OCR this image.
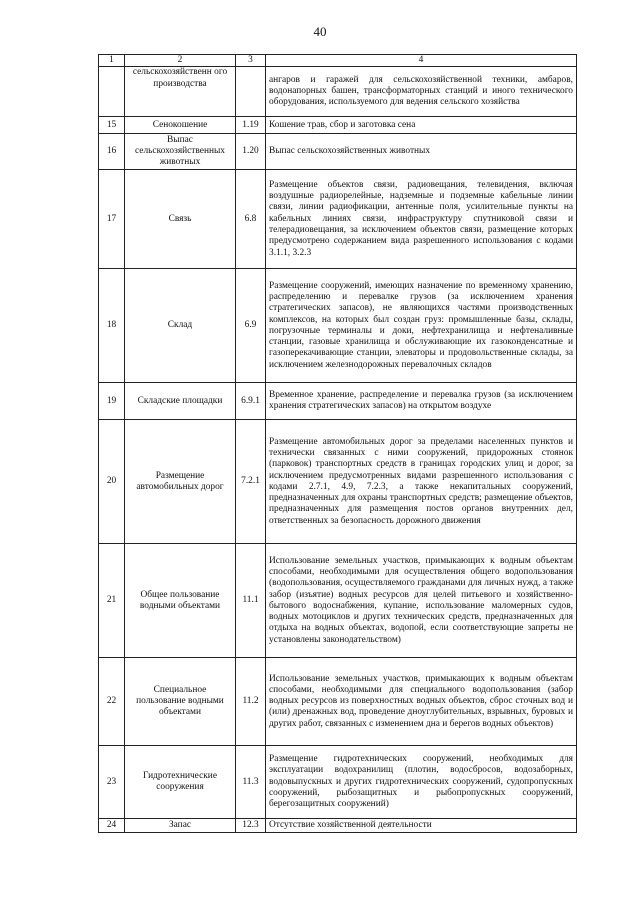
40
1	2	3	4
	сельскохозяйственн ого производства		ангаров и гаражей для сельскохозяйственной техники, амбаров, водонапорных башен, трансформаторных станций и иного технического оборудования, используемого для ведения сельского хозяйства
15	Сенокошение	1.19	Кошение трав, сбор и заготовка сена
16	Выпас сельскохозяйственных животных	1.20	Выпас сельскохозяйственных животных
17	Связь	6.8	Размещение объектов связи, радиовещания, телевидения, включая воздушные радиорелейные, надземные и подземные кабельные линии связи, линии радиофикации, антенные поля, усилительные пункты на кабельных линиях связи, инфраструктуру спутниковой связи и телерадиовещания, за исключением объектов связи, размещение которых предусмотрено содержанием вида разрешенного использования с кодами 3.1.1, 3.2.3
18	Склад	6.9	Размещение сооружений, имеющих назначение по временному хранению, распределению и перевалке грузов (за исключением хранения стратегических запасов), не являющихся частями производственных комплексов, на которых был создан груз: промышленные базы, склады, погрузочные терминалы и доки, нефтехранилища и нефтеналивные станции, газовые хранилища и обслуживающие их газоконденсатные и газоперекачивающие станции, элеваторы и продовольственные склады, за исключением железнодорожных перевалочных складов
19	Складские площадки	6.9.1	Временное хранение, распределение и перевалка грузов (за исключением хранения стратегических запасов) на открытом воздухе
20	Размещение автомобильных дорог	7.2.1	Размещение автомобильных дорог за пределами населенных пунктов и технически связанных с ними сооружений, придорожных стоянок (парковок) транспортных средств в границах городских улиц и дорог, за исключением предусмотренных видами разрешенного использования с кодами 2.7.1, 4.9, 7.2.3, а также некапитальных сооружений, предназначенных для охраны транспортных средств; размещение объектов, предназначенных для размещения постов органов внутренних дел, ответственных за безопасность дорожного движения
21	Общее пользование водными объектами	11.1	Использование земельных участков, примыкающих к водным объектам способами, необходимыми для осуществления общего водопользования (водопользования, осуществляемого гражданами для личных нужд, а также забор (изъятие) водных ресурсов для целей питьевого и хозяйственно-бытового водоснабжения, купание, использование маломерных судов, водных мотоциклов и других технических средств, предназначенных для отдыха на водных объектах, водопой, если соответствующие запреты не установлены законодательством)
22	Специальное пользование водными объектами	11.2	Использование земельных участков, примыкающих к водным объектам способами, необходимыми для специального водопользования (забор водных ресурсов из поверхностных водных объектов, сброс сточных вод и (или) дренажных вод, проведение дноуглубительных, взрывных, буровых и других работ, связанных с изменением дна и берегов водных объектов)
23	Гидротехнические сооружения	11.3	Размещение гидротехнических сооружений, необходимых для эксплуатации водохранилищ (плотин, водосбросов, водозаборных, водовыпускных и других гидротехнических сооружений, судопропускных сооружений, рыбозащитных и рыбопропускных сооружений, берегозащитных сооружений)
24	Запас	12.3	Отсутствие хозяйственной деятельности
